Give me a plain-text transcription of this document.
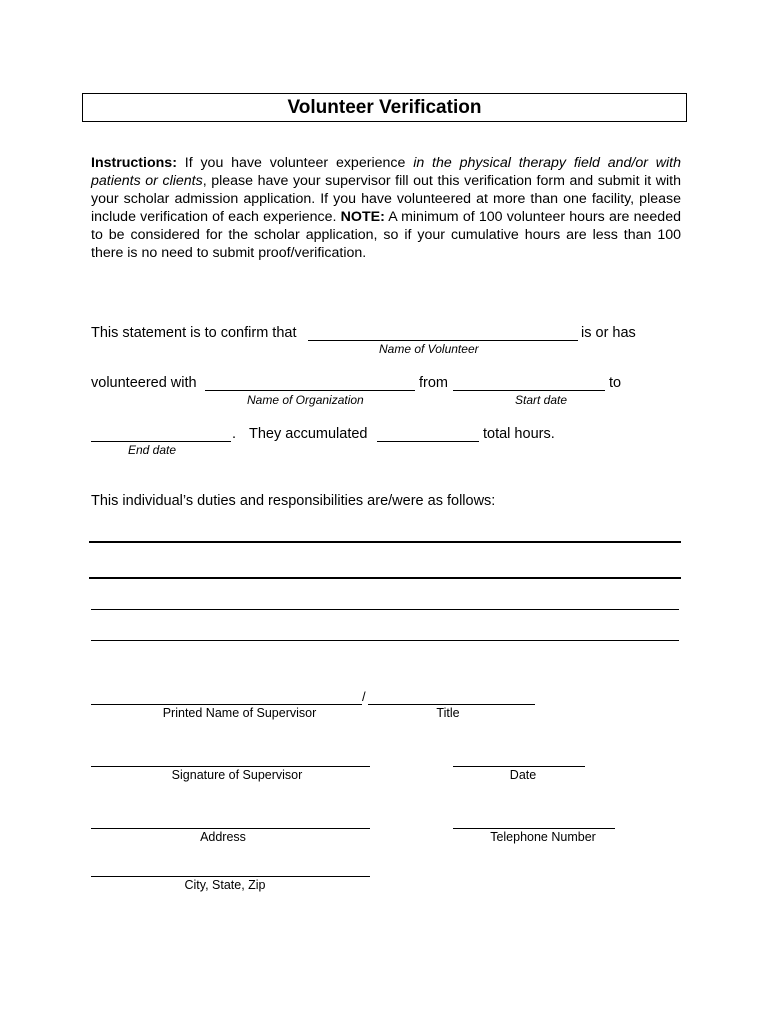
Volunteer Verification
Instructions: If you have volunteer experience in the physical therapy field and/or with patients or clients, please have your supervisor fill out this verification form and submit it with your scholar admission application. If you have volunteered at more than one facility, please include verification of each experience. NOTE: A minimum of 100 volunteer hours are needed to be considered for the scholar application, so if your cumulative hours are less than 100 there is no need to submit proof/verification.
This statement is to confirm that	is or has
Name of Volunteer
volunteered with	from	to
Name of Organization	Start date
. They accumulated	total hours.
End date
This individual’s duties and responsibilities are/were as follows:
/
Printed Name of Supervisor	Title
Signature of Supervisor	Date
Address	Telephone Number
City, State, Zip
